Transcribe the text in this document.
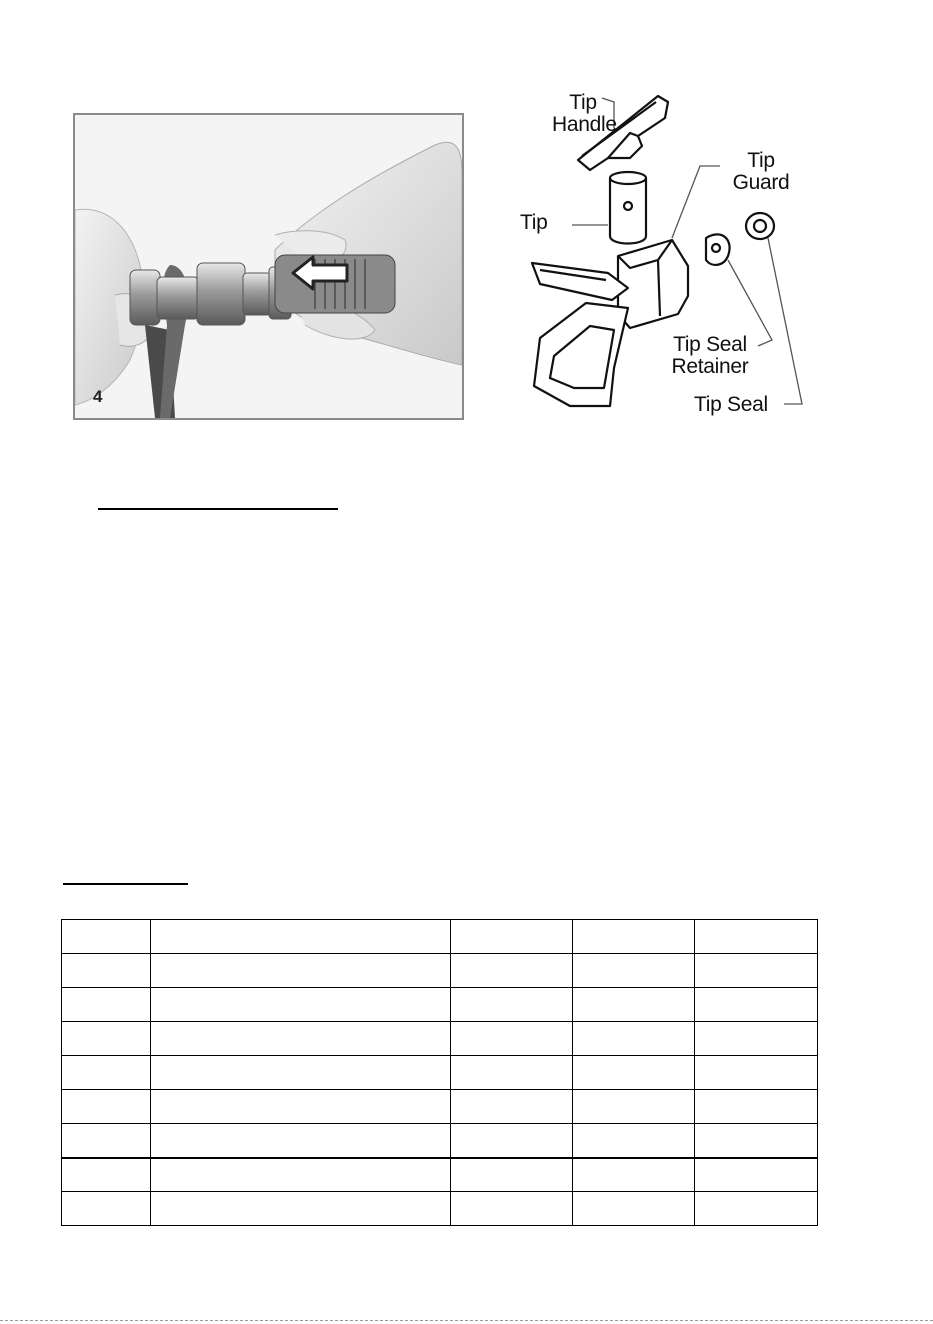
4
Tip
Handle
Tip
Tip
Guard
Tip Seal
Retainer
Tip Seal
